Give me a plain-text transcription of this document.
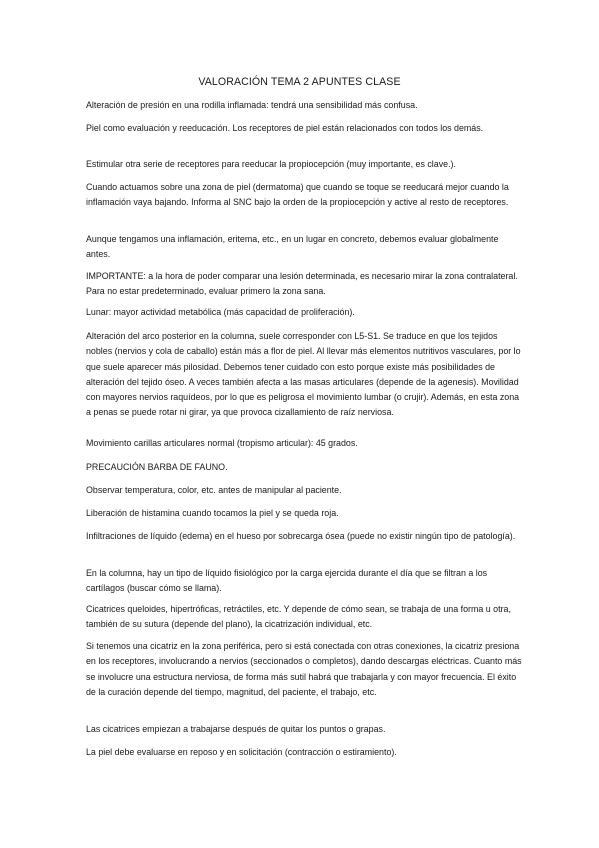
VALORACIÓN TEMA 2 APUNTES CLASE

Alteración de presión en una rodilla inflamada: tendrá una sensibilidad más confusa.

Piel como evaluación y reeducación. Los receptores de piel están relacionados con todos los demás.

Estimular otra serie de receptores para reeducar la propiocepción (muy importante, es clave.).

Cuando actuamos sobre una zona de piel (dermatoma) que cuando se toque se reeducará mejor cuando la inflamación vaya bajando. Informa al SNC bajo la orden de la propiocepción y active al resto de receptores.

Aunque tengamos una inflamación, eritema, etc., en un lugar en concreto, debemos evaluar globalmente antes.

IMPORTANTE: a la hora de poder comparar una lesión determinada, es necesario mirar la zona contralateral. Para no estar predeterminado, evaluar primero la zona sana.

Lunar: mayor actividad metabólica (más capacidad de proliferación).

Alteración del arco posterior en la columna, suele corresponder con L5-S1. Se traduce en que los tejidos nobles (nervios y cola de caballo) están más a flor de piel. Al llevar más elementos nutritivos vasculares, por lo que suele aparecer más pilosidad. Debemos tener cuidado con esto porque existe más posibilidades de alteración del tejido óseo. A veces también afecta a las masas articulares (depende de la agenesis). Movilidad con mayores nervios raquídeos, por lo que es peligrosa el movimiento lumbar (o crujir). Además, en esta zona a penas se puede rotar ni girar, ya que provoca cizallamiento de raíz nerviosa.

Movimiento carillas articulares normal (tropismo articular): 45 grados.

PRECAUCIÓN BARBA DE FAUNO.

Observar temperatura, color, etc. antes de manipular al paciente.

Liberación de histamina cuando tocamos la piel y se queda roja.

Infiltraciones de líquido (edema) en el hueso por sobrecarga ósea (puede no existir ningún tipo de patología).

En la columna, hay un tipo de líquido fisiológico por la carga ejercida durante el día que se filtran a los cartílagos (buscar cómo se llama).

Cicatrices queloides, hipertróficas, retráctiles, etc. Y depende de cómo sean, se trabaja de una forma u otra, también de su sutura (depende del plano), la cicatrización individual, etc.

Si tenemos una cicatriz en la zona periférica, pero si está conectada con otras conexiones, la cicatriz presiona en los receptores, involucrando a nervios (seccionados o completos), dando descargas eléctricas. Cuanto más se involucre una estructura nerviosa, de forma más sutil habrá que trabajarla y con mayor frecuencia. El éxito de la curación depende del tiempo, magnitud, del paciente, el trabajo, etc.

Las cicatrices empiezan a trabajarse después de quitar los puntos o grapas.

La piel debe evaluarse en reposo y en solicitación (contracción o estiramiento).
